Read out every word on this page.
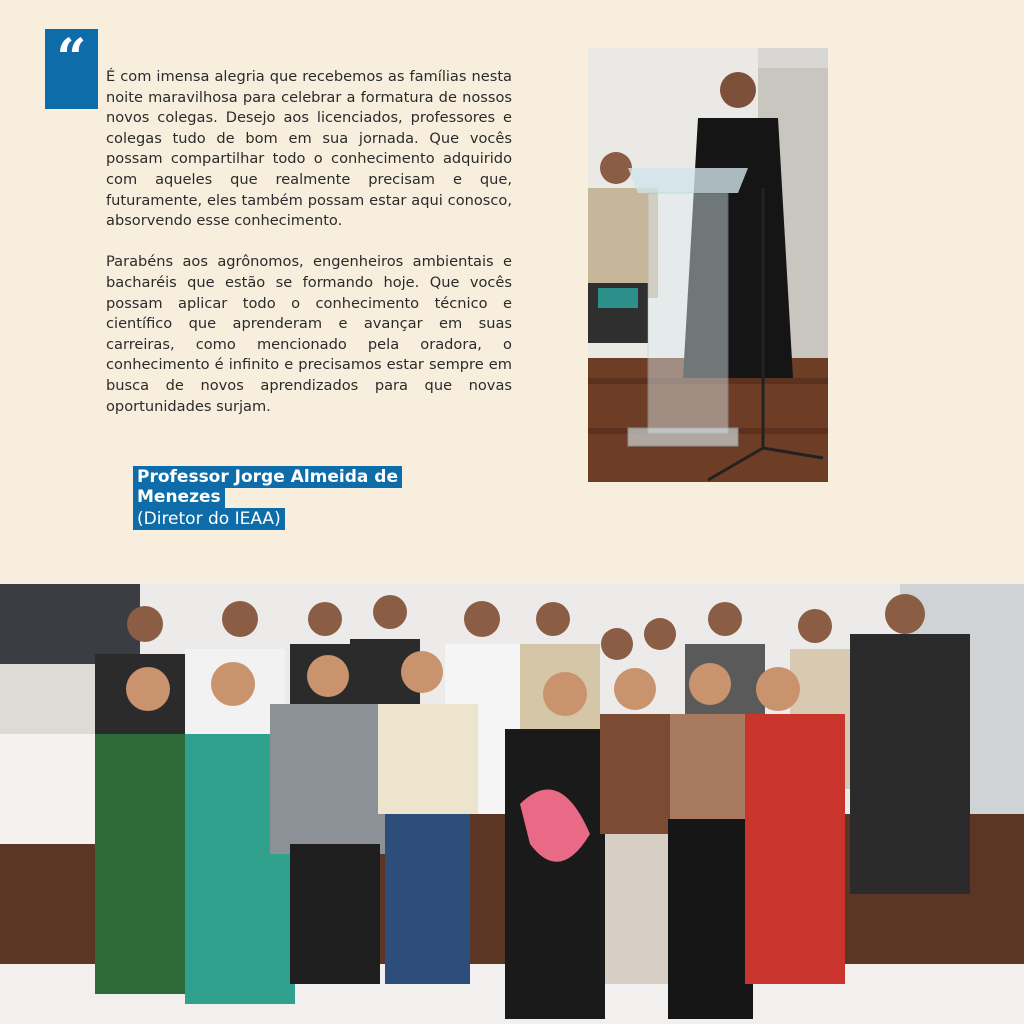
“	É com imensa alegria que recebemos as famílias nesta noite maravilhosa para celebrar a formatura de nossos novos colegas. Desejo aos licenciados, professores e colegas tudo de bom em sua jornada. Que vocês possam compartilhar todo o conhecimento adquirido com aqueles que realmente precisam e que, futuramente, eles também possam estar aqui conosco, absorvendo esse conhecimento.

Parabéns aos agrônomos, engenheiros ambientais e bacharéis que estão se formando hoje. Que vocês possam aplicar todo o conhecimento técnico e científico que aprenderam e avançar em suas carreiras, como mencionado pela oradora, o conhecimento é infinito e precisamos estar sempre em busca de novos aprendizados para que novas oportunidades surjam.

Professor Jorge Almeida de Menezes
(Diretor do IEAA)
